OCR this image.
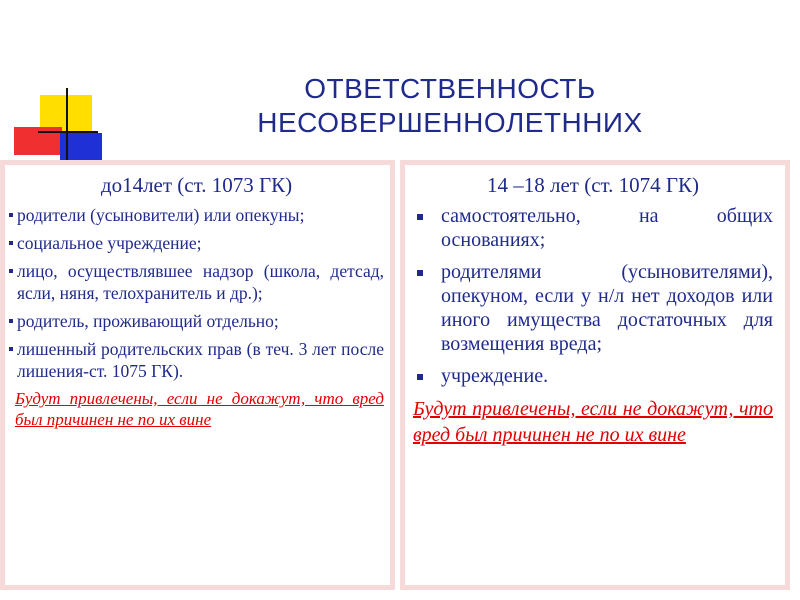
ОТВЕТСТВЕННОСТЬ
НЕСОВЕРШЕННОЛЕТННИХ
до14лет (ст. 1073 ГК)
родители (усыновители) или опекуны;
социальное учреждение;
лицо, осуществлявшее надзор (школа, детсад, ясли, няня, телохранитель и др.);
родитель, проживающий отдельно;
лишенный родительских прав (в теч. 3 лет после лишения-ст. 1075 ГК).
Будут привлечены, если не докажут, что вред был причинен не по их вине
14 –18 лет (ст. 1074 ГК)
самостоятельно, на общих основаниях;
родителями (усыновителями), опекуном, если у н/л нет доходов или иного имущества достаточных для возмещения вреда;
учреждение.
Будут привлечены, если не докажут, что вред был причинен не по их вине
